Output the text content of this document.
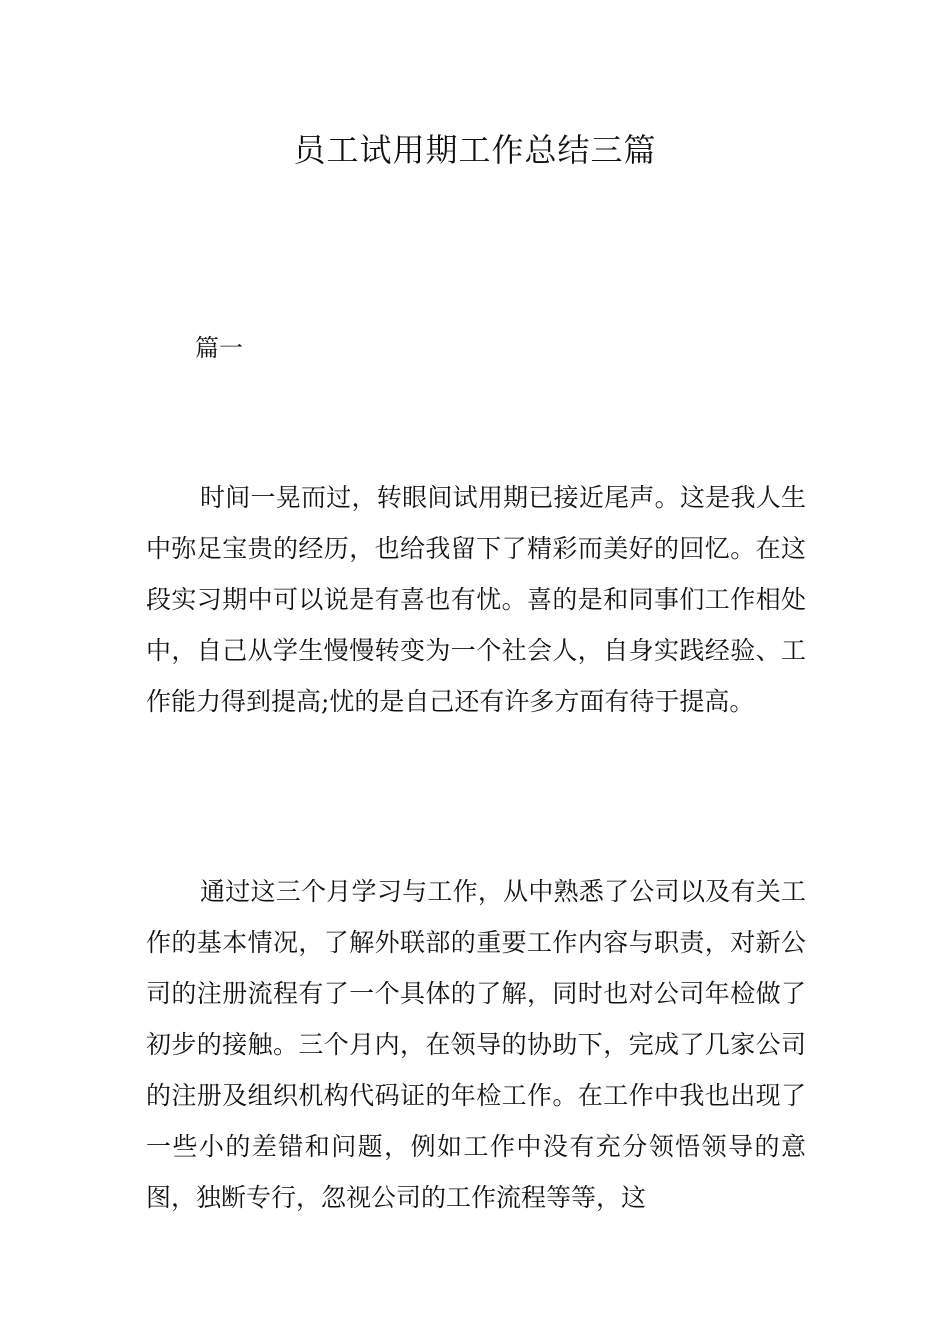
员工试用期工作总结三篇
篇一

时间一晃而过，转眼间试用期已接近尾声。这是我人生中弥足宝贵的经历，也给我留下了精彩而美好的回忆。在这段实习期中可以说是有喜也有忧。喜的是和同事们工作相处中，自己从学生慢慢转变为一个社会人，自身实践经验、工作能力得到提高;忧的是自己还有许多方面有待于提高。

通过这三个月学习与工作，从中熟悉了公司以及有关工作的基本情况，了解外联部的重要工作内容与职责，对新公司的注册流程有了一个具体的了解，同时也对公司年检做了初步的接触。三个月内，在领导的协助下，完成了几家公司的注册及组织机构代码证的年检工作。在工作中我也出现了一些小的差错和问题，例如工作中没有充分领悟领导的意图，独断专行，忽视公司的工作流程等等，这
